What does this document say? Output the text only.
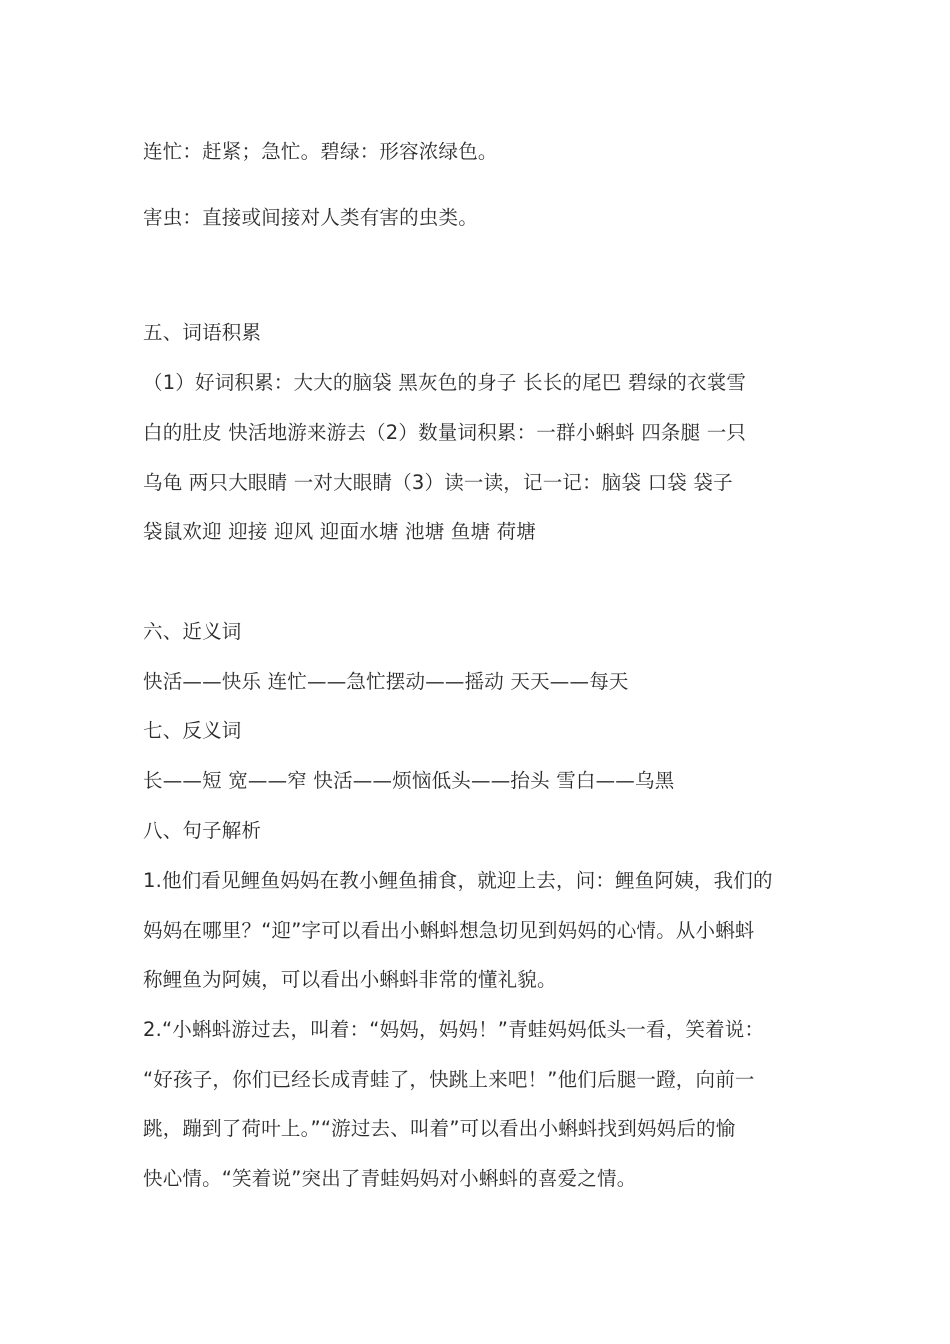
连忙：赶紧；急忙。碧绿：形容浓绿色。
害虫：直接或间接对人类有害的虫类。
五、词语积累
（1）好词积累：大大的脑袋 黑灰色的身子 长长的尾巴 碧绿的衣裳雪
白的肚皮 快活地游来游去（2）数量词积累：一群小蝌蚪 四条腿 一只
乌龟 两只大眼睛 一对大眼睛（3）读一读，记一记：脑袋 口袋 袋子
袋鼠欢迎 迎接 迎风 迎面水塘 池塘 鱼塘 荷塘
六、近义词
快活——快乐 连忙——急忙摆动——摇动 天天——每天
七、反义词
长——短 宽——窄 快活——烦恼低头——抬头 雪白——乌黑
八、句子解析
1.他们看见鲤鱼妈妈在教小鲤鱼捕食，就迎上去，问：鲤鱼阿姨，我们的
妈妈在哪里？“迎”字可以看出小蝌蚪想急切见到妈妈的心情。从小蝌蚪
称鲤鱼为阿姨，可以看出小蝌蚪非常的懂礼貌。
2.“小蝌蚪游过去，叫着：“妈妈，妈妈！”青蛙妈妈低头一看，笑着说：
“好孩子，你们已经长成青蛙了，快跳上来吧！”他们后腿一蹬，向前一
跳，蹦到了荷叶上。”“游过去、叫着”可以看出小蝌蚪找到妈妈后的愉
快心情。“笑着说”突出了青蛙妈妈对小蝌蚪的喜爱之情。
